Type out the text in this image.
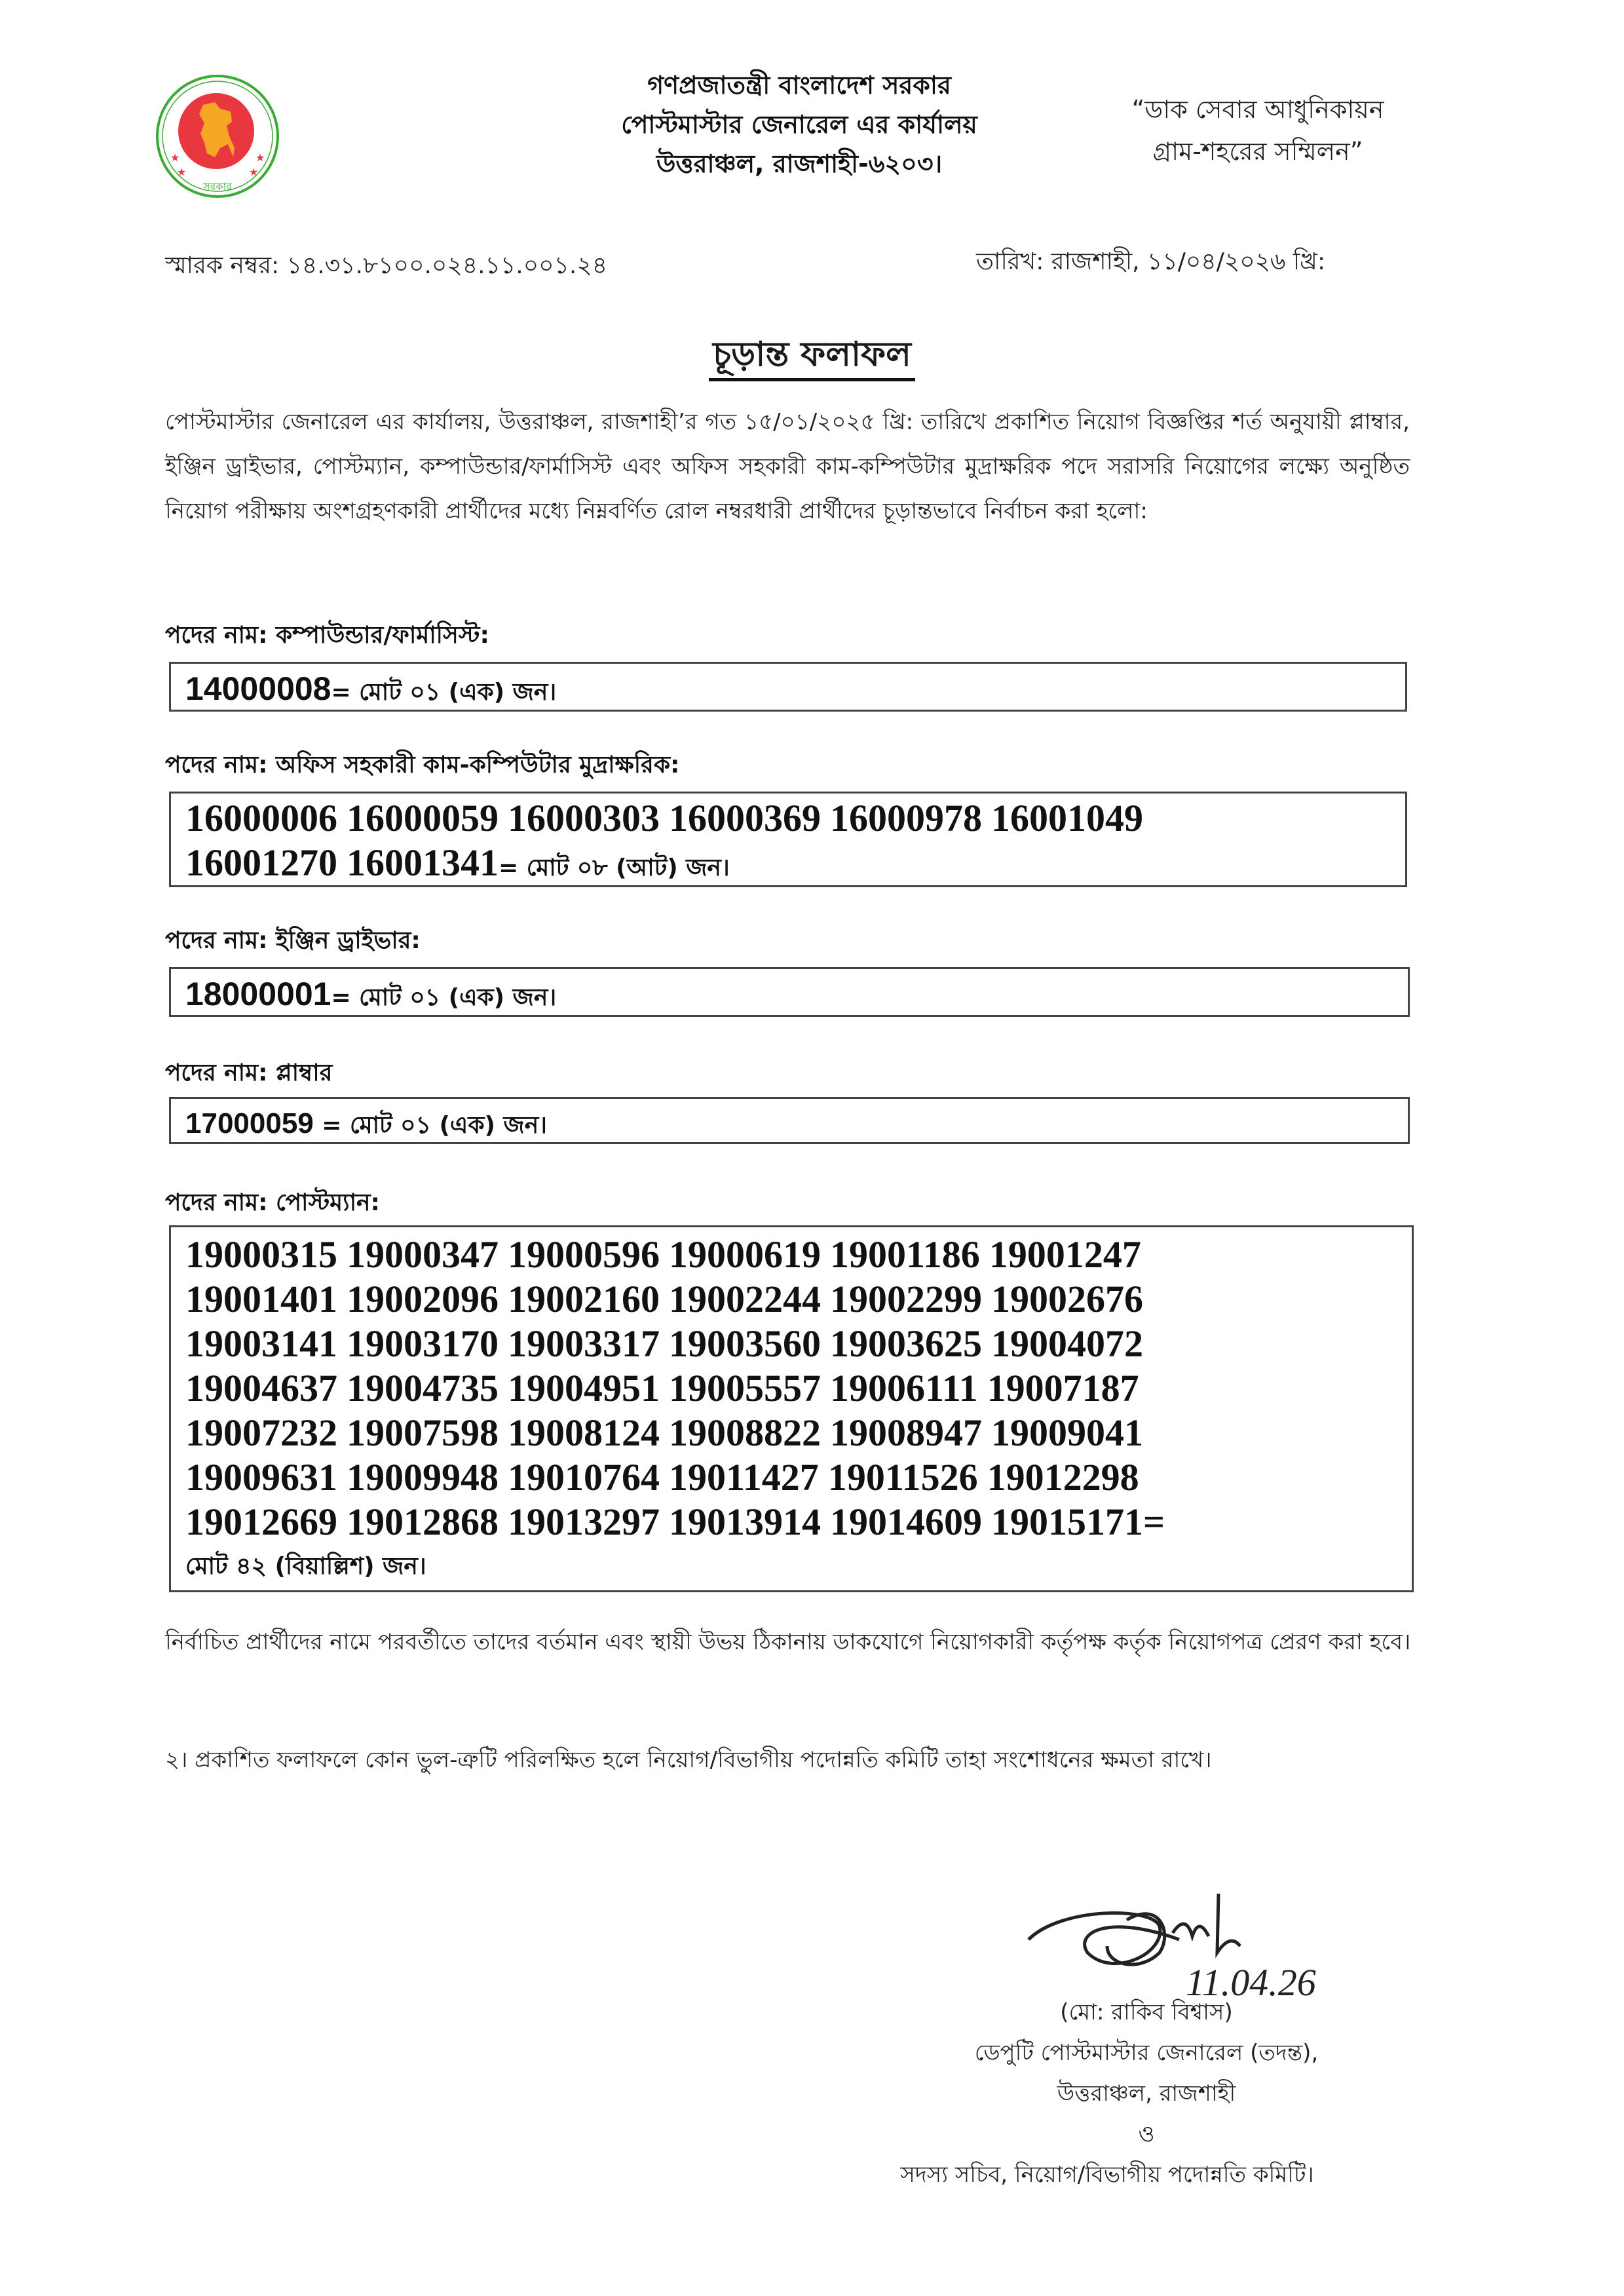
★	★
★	★
সরকার
গণপ্রজাতন্ত্রী বাংলাদেশ সরকার
পোস্টমাস্টার জেনারেল এর কার্যালয়
উত্তরাঞ্চল, রাজশাহী-৬২০৩।
“ডাক সেবার আধুনিকায়ন
গ্রাম-শহরের সম্মিলন”
স্মারক নম্বর: ১৪.৩১.৮১০০.০২৪.১১.০০১.২৪	তারিখ: রাজশাহী, ১১/০৪/২০২৬ খ্রি:
চূড়ান্ত ফলাফল
পোস্টমাস্টার জেনারেল এর কার্যালয়, উত্তরাঞ্চল, রাজশাহী’র গত ১৫/০১/২০২৫ খ্রি: তারিখে প্রকাশিত নিয়োগ বিজ্ঞপ্তির শর্ত অনুযায়ী প্লাম্বার, ইঞ্জিন ড্রাইভার, পোস্টম্যান, কম্পাউন্ডার/ফার্মাসিস্ট এবং অফিস সহকারী কাম-কম্পিউটার মুদ্রাক্ষরিক পদে সরাসরি নিয়োগের লক্ষ্যে অনুষ্ঠিত নিয়োগ পরীক্ষায় অংশগ্রহণকারী প্রার্থীদের মধ্যে নিম্নবর্ণিত রোল নম্বরধারী প্রার্থীদের চূড়ান্তভাবে নির্বাচন করা হলো:
পদের নাম: কম্পাউন্ডার/ফার্মাসিস্ট:
14000008= মোট ০১ (এক) জন।
পদের নাম: অফিস সহকারী কাম-কম্পিউটার মুদ্রাক্ষরিক:
16000006 16000059 16000303 16000369 16000978 16001049
16001270 16001341= মোট ০৮ (আট) জন।
পদের নাম: ইঞ্জিন ড্রাইভার:
18000001= মোট ০১ (এক) জন।
পদের নাম: প্লাম্বার
17000059 = মোট ০১ (এক) জন।
পদের নাম: পোস্টম্যান:
19000315 19000347 19000596 19000619 19001186 19001247
19001401 19002096 19002160 19002244 19002299 19002676
19003141 19003170 19003317 19003560 19003625 19004072
19004637 19004735 19004951 19005557 19006111 19007187
19007232 19007598 19008124 19008822 19008947 19009041
19009631 19009948 19010764 19011427 19011526 19012298
19012669 19012868 19013297 19013914 19014609 19015171=
মোট ৪২ (বিয়াল্লিশ) জন।
নির্বাচিত প্রার্থীদের নামে পরবর্তীতে তাদের বর্তমান এবং স্থায়ী উভয় ঠিকানায় ডাকযোগে নিয়োগকারী কর্তৃপক্ষ কর্তৃক নিয়োগপত্র প্রেরণ করা হবে।
২। প্রকাশিত ফলাফলে কোন ভুল-ত্রুটি পরিলক্ষিত হলে নিয়োগ/বিভাগীয় পদোন্নতি কমিটি তাহা সংশোধনের ক্ষমতা রাখে।
11.04.26
(মো: রাকিব বিশ্বাস)
ডেপুটি পোস্টমাস্টার জেনারেল (তদন্ত),
উত্তরাঞ্চল, রাজশাহী
ও
সদস্য সচিব, নিয়োগ/বিভাগীয় পদোন্নতি কমিটি।
